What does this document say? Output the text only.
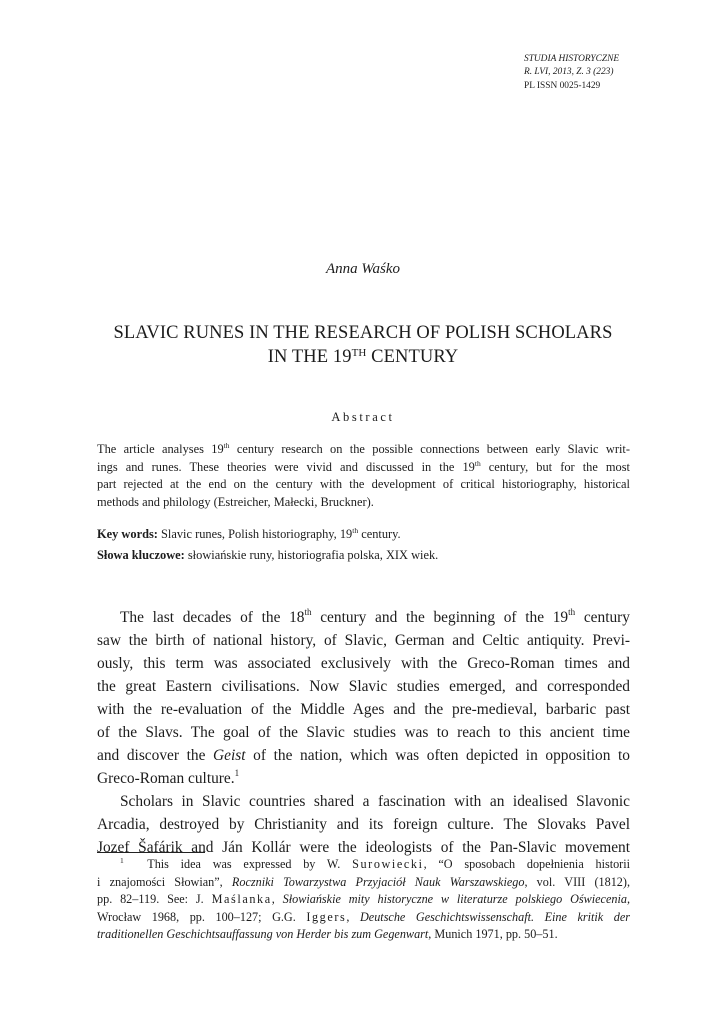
STUDIA HISTORYCZNE
R. LVI, 2013, Z. 3 (223)
PL ISSN 0025-1429
Anna Waśko
SLAVIC RUNES IN THE RESEARCH OF POLISH SCHOLARS
IN THE 19TH CENTURY
Abstract
The article analyses 19th century research on the possible connections between early Slavic writ-
ings and runes. These theories were vivid and discussed in the 19th century, but for the most
part rejected at the end on the century with the development of critical historiography, historical
methods and philology (Estreicher, Małecki, Bruckner).
Key words: Slavic runes, Polish historiography, 19th century.
Słowa kluczowe: słowiańskie runy, historiografia polska, XIX wiek.
The last decades of the 18th century and the beginning of the 19th century
saw the birth of national history, of Slavic, German and Celtic antiquity. Previ-
ously, this term was associated exclusively with the Greco-Roman times and
the great Eastern civilisations. Now Slavic studies emerged, and corresponded
with the re-evaluation of the Middle Ages and the pre-medieval, barbaric past
of the Slavs. The goal of the Slavic studies was to reach to this ancient time
and discover the Geist of the nation, which was often depicted in opposition to
Greco-Roman culture.$^1$
Scholars in Slavic countries shared a fascination with an idealised Slavonic
Arcadia, destroyed by Christianity and its foreign culture. The Slovaks Pavel
Jozef Šafárik and Ján Kollár were the ideologists of the Pan-Slavic movement
$^1$ This idea was expressed by W. Surowiecki, “O sposobach dopełnienia historii
i znajomości Słowian”, Roczniki Towarzystwa Przyjaciół Nauk Warszawskiego, vol. VIII (1812),
pp. 82–119. See: J. Maślanka, Słowiańskie mity historyczne w literaturze polskiego Oświecenia,
Wrocław 1968, pp. 100–127; G.G. Iggers, Deutsche Geschichtswissenschaft. Eine kritik der
traditionellen Geschichtsauffassung von Herder bis zum Gegenwart, Munich 1971, pp. 50–51.
